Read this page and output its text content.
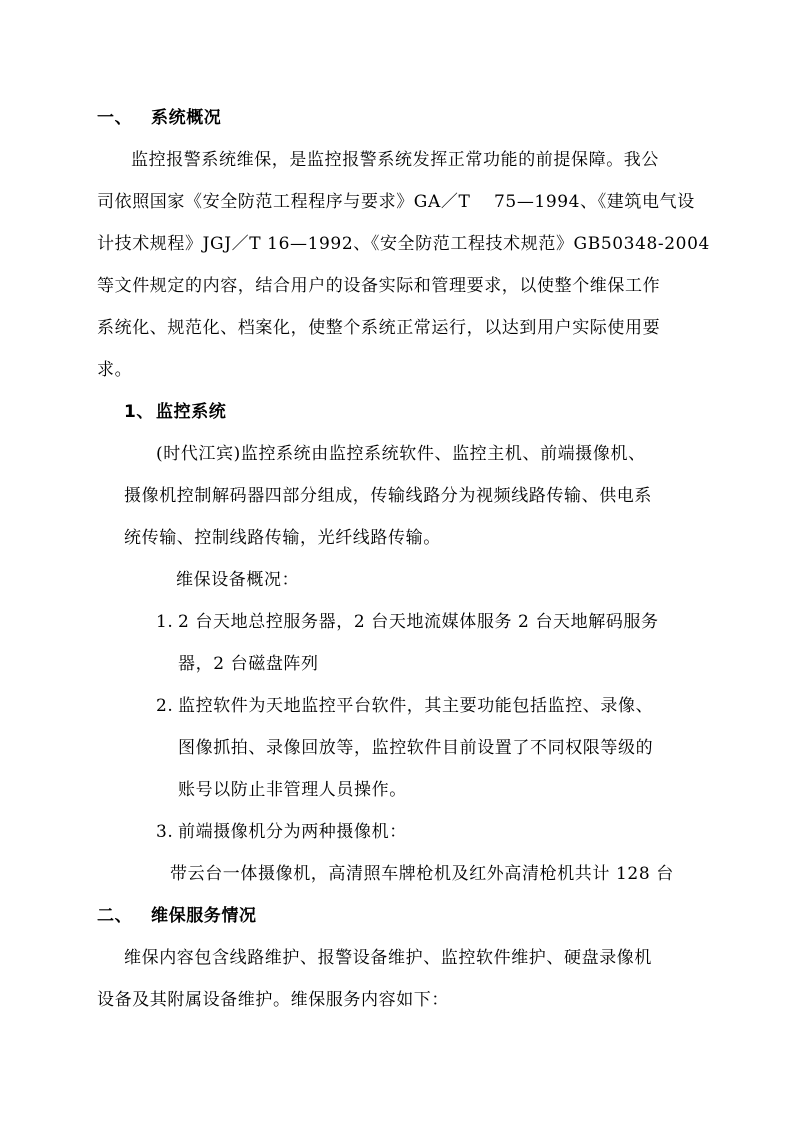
一、 系统概况
监控报警系统维保，是监控报警系统发挥正常功能的前提保障。我公
司依照国家《安全防范工程程序与要求》GA／T　 75—1994、《建筑电气设
计技术规程》JGJ／T 16—1992、《安全防范工程技术规范》GB50348-2004
等文件规定的内容，结合用户的设备实际和管理要求，以使整个维保工作
系统化、规范化、档案化，使整个系统正常运行，以达到用户实际使用要
求。
1、 监控系统
(时代江宾)监控系统由监控系统软件、监控主机、前端摄像机、
摄像机控制解码器四部分组成，传输线路分为视频线路传输、供电系
统传输、控制线路传输，光纤线路传输。
维保设备概况：
1. 2 台天地总控服务器，2 台天地流媒体服务 2 台天地解码服务
器，2 台磁盘阵列
2. 监控软件为天地监控平台软件，其主要功能包括监控、录像、
图像抓拍、录像回放等，监控软件目前设置了不同权限等级的
账号以防止非管理人员操作。
3. 前端摄像机分为两种摄像机：
带云台一体摄像机，高清照车牌枪机及红外高清枪机共计 128 台
二、 维保服务情况
维保内容包含线路维护、报警设备维护、监控软件维护、硬盘录像机
设备及其附属设备维护。维保服务内容如下：
